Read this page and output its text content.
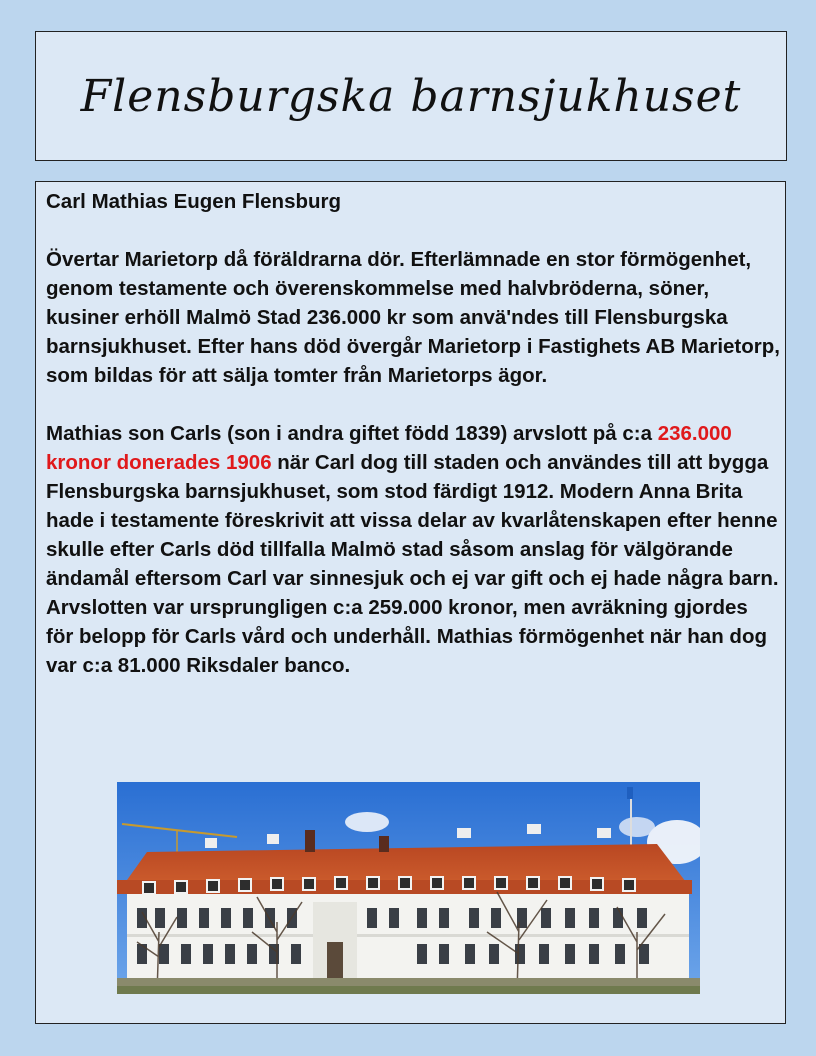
Flensburgska barnsjukhuset

Carl Mathias Eugen Flensburg

Övertar Marietorp då föräldrarna dör. Efterlämnade en stor förmögenhet, genom testamente och överenskommelse med halvbröderna, söner, kusiner erhöll Malmö Stad 236.000 kr som anvä'ndes till Flensburgska barnsjukhuset. Efter hans död övergår Marietorp i Fastighets AB Marietorp, som bildas för att sälja tomter från Marietorps ägor.

Mathias son Carls (son i andra giftet född 1839) arvslott på c:a 236.000 kronor donerades 1906 när Carl dog till staden och användes till att bygga Flensburgska barnsjukhuset, som stod färdigt 1912. Modern Anna Brita hade i testamente föreskrivit att vissa delar av kvarlåtenskapen efter henne skulle efter Carls död tillfalla Malmö stad såsom anslag för välgörande ändamål eftersom Carl var sinnesjuk och ej var gift och ej hade några barn. Arvslotten var ursprungligen c:a 259.000 kronor, men avräkning gjordes för belopp för Carls vård och underhåll. Mathias förmögenhet när han dog var c:a 81.000 Riksdaler banco.
